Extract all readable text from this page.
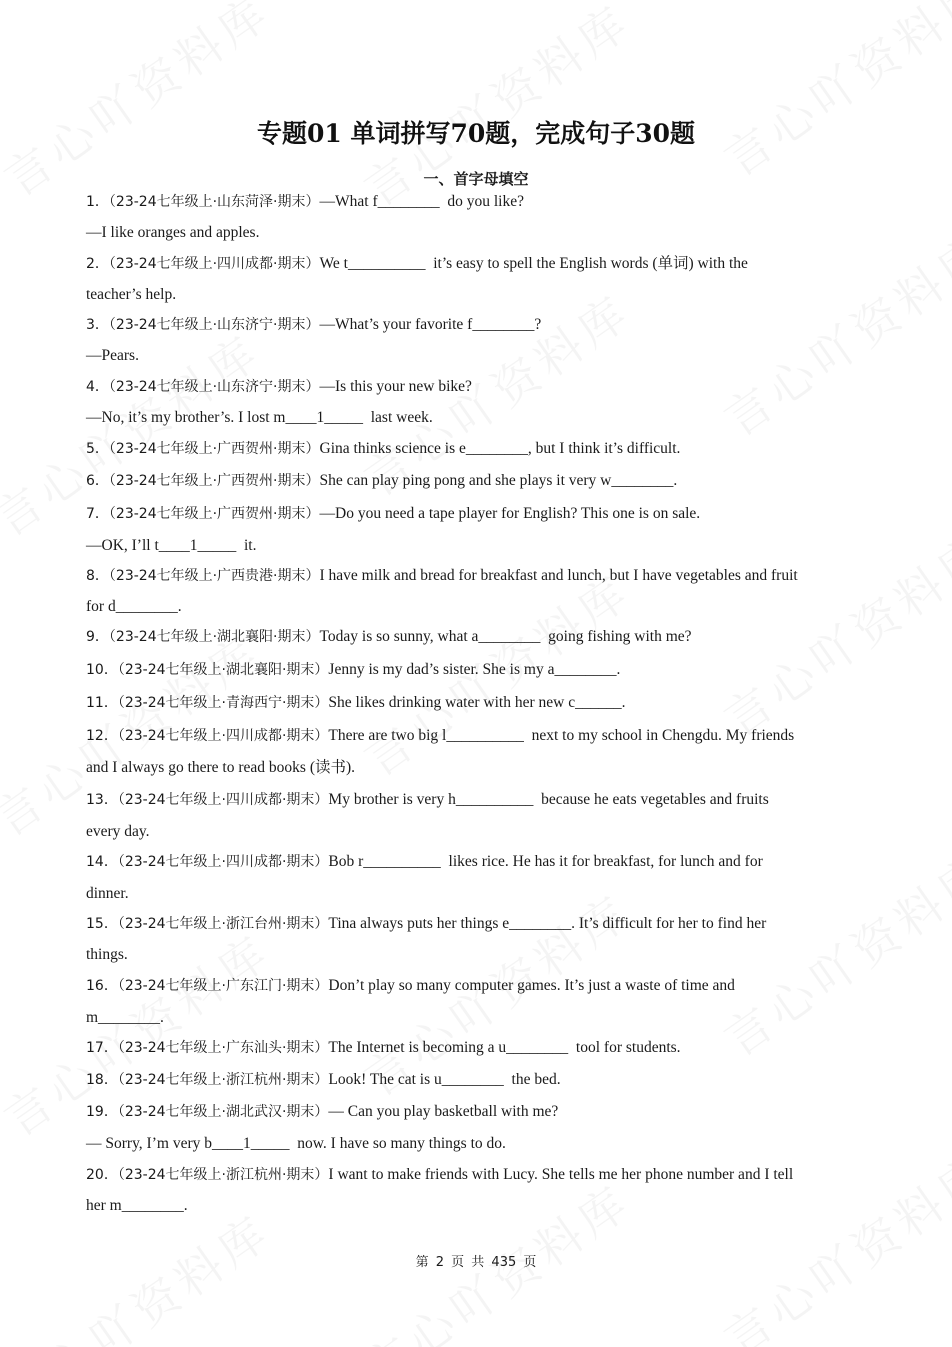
专题01 单词拼写70题，完成句子30题
一、首字母填空
1．（23-24七年级上·山东菏泽·期末）—What f________  do you like?
—I like oranges and apples.
2．（23-24七年级上·四川成都·期末）We t__________  it’s easy to spell the English words (单词) with the
teacher’s help.
3．（23-24七年级上·山东济宁·期末）—What’s your favorite f________?
—Pears.
4．（23-24七年级上·山东济宁·期末）—Is this your new bike?
—No, it’s my brother’s. I lost m____1_____  last week.
5．（23-24七年级上·广西贺州·期末）Gina thinks science is e________, but I think it’s difficult.
6．（23-24七年级上·广西贺州·期末）She can play ping pong and she plays it very w________.
7．（23-24七年级上·广西贺州·期末）—Do you need a tape player for English? This one is on sale.
—OK, I’ll t____1_____  it.
8．（23-24七年级上·广西贵港·期末）I have milk and bread for breakfast and lunch, but I have vegetables and fruit
for d________.
9．（23-24七年级上·湖北襄阳·期末）Today is so sunny, what a________  going fishing with me?
10．（23-24七年级上·湖北襄阳·期末）Jenny is my dad’s sister. She is my a________.
11．（23-24七年级上·青海西宁·期末）She likes drinking water with her new c______.
12．（23-24七年级上·四川成都·期末）There are two big l__________  next to my school in Chengdu. My friends
and I always go there to read books (读书).
13．（23-24七年级上·四川成都·期末）My brother is very h__________  because he eats vegetables and fruits
every day.
14．（23-24七年级上·四川成都·期末）Bob r__________  likes rice. He has it for breakfast, for lunch and for
dinner.
15．（23-24七年级上·浙江台州·期末）Tina always puts her things e________. It’s difficult for her to find her
things.
16．（23-24七年级上·广东江门·期末）Don’t play so many computer games. It’s just a waste of time and
m________.
17．（23-24七年级上·广东汕头·期末）The Internet is becoming a u________  tool for students.
18．（23-24七年级上·浙江杭州·期末）Look! The cat is u________  the bed.
19．（23-24七年级上·湖北武汉·期末）— Can you play basketball with me?
— Sorry, I’m very b____1_____  now. I have so many things to do.
20．（23-24七年级上·浙江杭州·期末）I want to make friends with Lucy. She tells me her phone number and I tell
her m________.
第 2 页 共 435 页
